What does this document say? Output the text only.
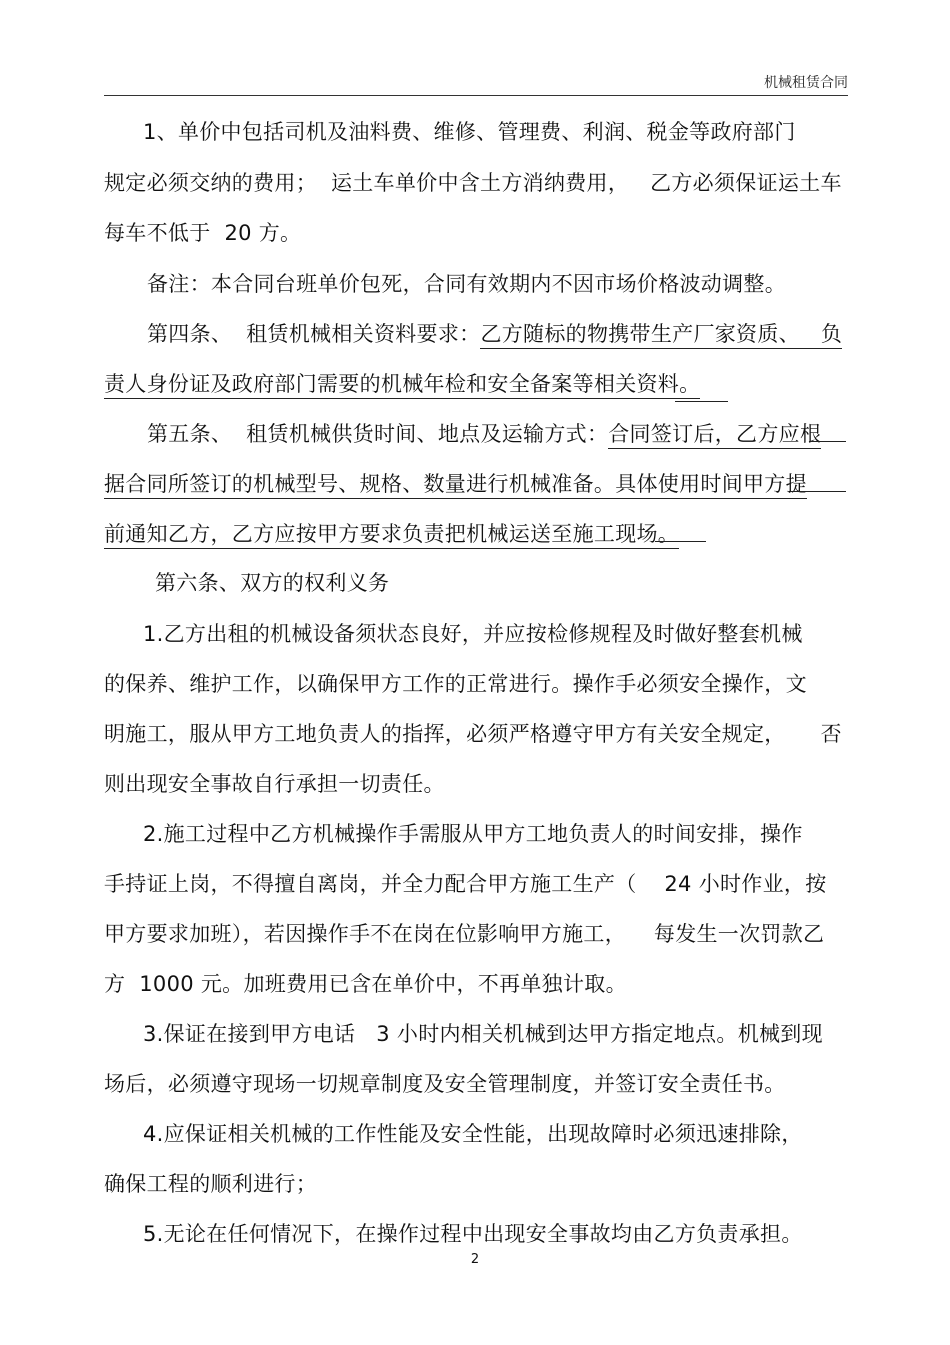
机械租赁合同
1、单价中包括司机及油料费、维修、管理费、利润、税金等政府部门
规定必须交纳的费用；  运土车单价中含土方消纳费用，   乙方必须保证运土车
每车不低于  20 方。
备注：本合同台班单价包死，合同有效期内不因市场价格波动调整。
第四条、  租赁机械相关资料要求：乙方随标的物携带生产厂家资质、   负
责人身份证及政府部门需要的机械年检和安全备案等相关资料。
第五条、  租赁机械供货时间、地点及运输方式：合同签订后，乙方应根
据合同所签订的机械型号、规格、数量进行机械准备。具体使用时间甲方提
前通知乙方，乙方应按甲方要求负责把机械运送至施工现场。
第六条、双方的权利义务
1.乙方出租的机械设备须状态良好，并应按检修规程及时做好整套机械
的保养、维护工作，以确保甲方工作的正常进行。操作手必须安全操作，文
明施工，服从甲方工地负责人的指挥，必须严格遵守甲方有关安全规定，     否
则出现安全事故自行承担一切责任。
2.施工过程中乙方机械操作手需服从甲方工地负责人的时间安排，操作
手持证上岗，不得擅自离岗，并全力配合甲方施工生产（    24 小时作业，按
甲方要求加班），若因操作手不在岗在位影响甲方施工，    每发生一次罚款乙
方  1000 元。加班费用已含在单价中，不再单独计取。
3.保证在接到甲方电话   3 小时内相关机械到达甲方指定地点。机械到现
场后，必须遵守现场一切规章制度及安全管理制度，并签订安全责任书。
4.应保证相关机械的工作性能及安全性能，出现故障时必须迅速排除，
确保工程的顺利进行；
5.无论在任何情况下，在操作过程中出现安全事故均由乙方负责承担。
2
